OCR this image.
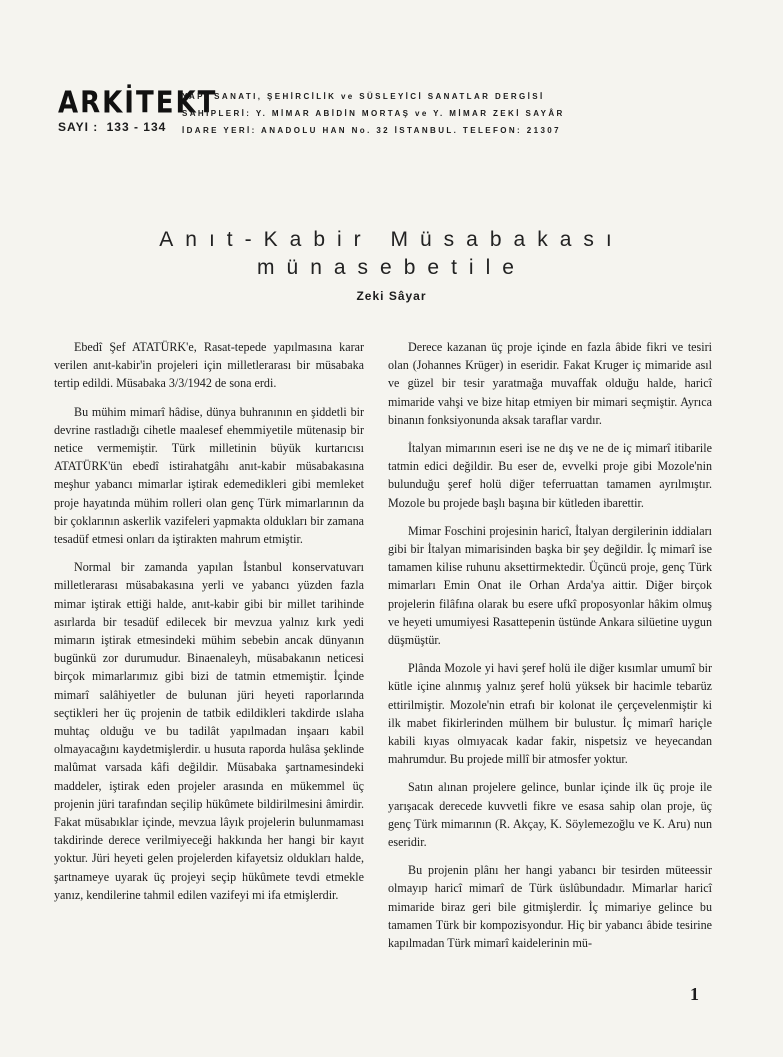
ARKİTEKT
SAYI : 133 - 134
YAPI SANATI, ŞEHİRCİLİK ve SÜSLEYİCİ SANATLAR DERGİSİ
SAHİPLERİ: Y. MİMAR ABİDİN MORTAŞ ve Y. MİMAR ZEKİ SAYÂR
İDARE YERİ: ANADOLU HAN No. 32 İSTANBUL. TELEFON: 21307
Anıt-Kabir Müsabakası
münasebetile
Zeki Sâyar

Ebedî Şef ATATÜRK'e, Rasat-tepede yapılmasına karar verilen anıt-kabir'in projeleri için milletlerarası bir müsabaka tertip edildi. Müsabaka 3/3/1942 de sona erdi.

Bu mühim mimarî hâdise, dünya buhranının en şiddetli bir devrine rastladığı cihetle maalesef ehemmiyetile mütenasip bir netice vermemiştir. Türk milletinin büyük kurtarıcısı ATATÜRK'ün ebedî istirahatgâhı anıt-kabir müsabakasına meşhur yabancı mimarlar iştirak edemedikleri gibi memleket proje hayatında mühim rolleri olan genç Türk mimarlarının da bir çoklarının askerlik vazifeleri yapmakta oldukları bir zamana tesadüf etmesi onları da iştirakten mahrum etmiştir.

Normal bir zamanda yapılan İstanbul konservatuvarı milletlerarası müsabakasına yerli ve yabancı yüzden fazla mimar iştirak ettiği halde, anıt-kabir gibi bir millet tarihinde asırlarda bir tesadüf edilecek bir mevzua yalnız kırk yedi mimarın iştirak etmesindeki mühim sebebin ancak dünyanın bugünkü zor durumudur. Binaenaleyh, müsabakanın neticesi birçok mimarlarımız gibi bizi de tatmin etmemiştir. İçinde mimarî salâhiyetler de bulunan jüri heyeti raporlarında seçtikleri her üç projenin de tatbik edildikleri takdirde ıslaha muhtaç olduğu ve bu tadilât yapılmadan inşaarı kabil olmayacağını kaydetmişlerdir. u husuta raporda hulâsa şeklinde malûmat varsada kâfi değildir. Müsabaka şartnamesindeki maddeler, iştirak eden projeler arasında en mükemmel üç projenin jüri tarafından seçilip hükûmete bildirilmesini âmirdir. Fakat müsabıklar içinde, mevzua lâyık projelerin bulunmaması takdirinde derece verilmiyeceği hakkında her hangi bir kayıt yoktur. Jüri heyeti gelen projelerden kifayetsiz oldukları halde, şartnameye uyarak üç projeyi seçip hükûmete tevdi etmekle yanız, kendilerine tahmil edilen vazifeyi mi ifa etmişlerdir.

Derece kazanan üç proje içinde en fazla âbide fikri ve tesiri olan (Johannes Krüger) in eseridir. Fakat Kruger iç mimaride asıl ve güzel bir tesir yaratmağa muvaffak olduğu halde, haricî mimaride vahşi ve bize hitap etmiyen bir mimari seçmiştir. Ayrıca binanın fonksiyonunda aksak taraflar vardır.

İtalyan mimarının eseri ise ne dış ve ne de iç mimarî itibarile tatmin edici değildir. Bu eser de, evvelki proje gibi Mozole'nin bulunduğu şeref holü diğer teferruattan tamamen ayrılmıştır. Mozole bu projede başlı başına bir kütleden ibarettir.

Mimar Foschini projesinin haricî, İtalyan dergilerinin iddiaları gibi bir İtalyan mimarisinden başka bir şey değildir. İç mimarî ise tamamen kilise ruhunu aksettirmektedir. Üçüncü proje, genç Türk mimarları Emin Onat ile Orhan Arda'ya aittir. Diğer birçok projelerin filâfına olarak bu esere ufkî proposyonlar hâkim olmuş ve heyeti umumiyesi Rasattepenin üstünde Ankara silüetine uygun düşmüştür.

Plânda Mozole yi havi şeref holü ile diğer kısımlar umumî bir kütle içine alınmış yalnız şeref holü yüksek bir hacimle tebarüz ettirilmiştir. Mozole'nin etrafı bir kolonat ile çerçevelenmiştir ki ilk mabet fikirlerinden mülhem bir bulustur. İç mimarî hariçle kabili kıyas olmıyacak kadar fakir, nispetsiz ve heyecandan mahrumdur. Bu projede millî bir atmosfer yoktur.

Satın alınan projelere gelince, bunlar içinde ilk üç proje ile yarışacak derecede kuvvetli fikre ve esasa sahip olan proje, üç genç Türk mimarının (R. Akçay, K. Söylemezoğlu ve K. Aru) nun eseridir.

Bu projenin plânı her hangi yabancı bir tesirden müteessir olmayıp haricî mimarî de Türk üslûbundadır. Mimarlar haricî mimaride biraz geri bile gitmişlerdir. İç mimariye gelince bu tamamen Türk bir kompozisyondur. Hiç bir yabancı âbide tesirine kapılmadan Türk mimarî kaidelerinin mü-

1
